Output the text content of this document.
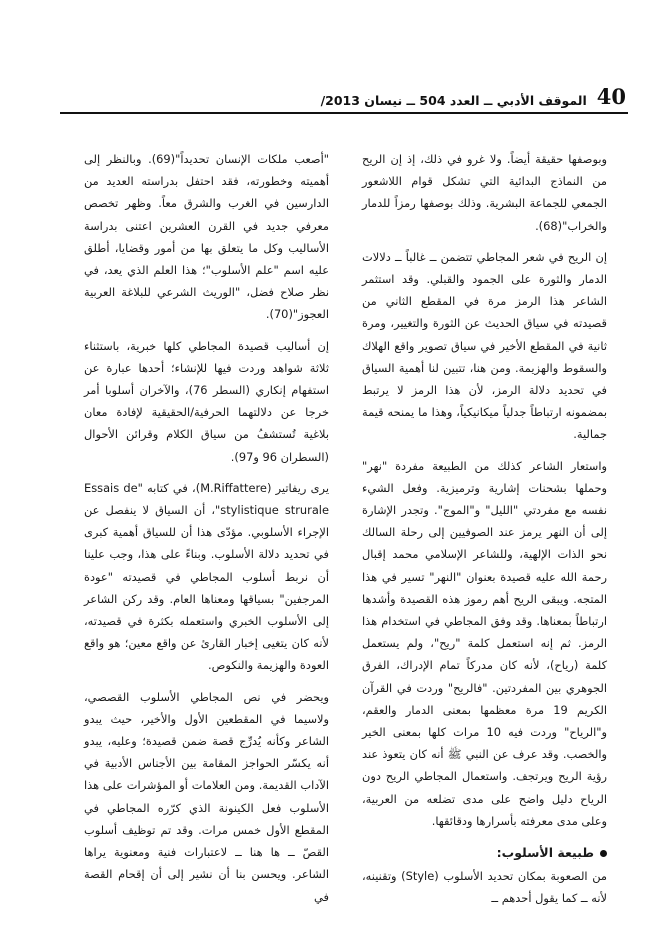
الموقف الأدبي ــ العدد 504 ــ نيسان 2013/ 40

وبوصفها حقيقة أيضاً. ولا غرو في ذلك، إذ إن الريح من النماذج البدائية التي تشكل قوام اللاشعور الجمعي للجماعة البشرية. وذلك بوصفها رمزاً للدمار والخراب"(68).

إن الريح في شعر المجاطي تتضمن ــ غالباً ــ دلالات الدمار والثورة على الجمود والقبلي. وقد استثمر الشاعر هذا الرمز مرة في المقطع الثاني من قصيدته في سياق الحديث عن الثورة والتغيير، ومرة ثانية في المقطع الأخير في سياق تصوير واقع الهلاك والسقوط والهزيمة. ومن هنا، تتبين لنا أهمية السياق في تحديد دلالة الرمز، لأن هذا الرمز لا يرتبط بمضمونه ارتباطاً جدلياً ميكانيكياً، وهذا ما يمنحه قيمة جمالية.

واستعار الشاعر كذلك من الطبيعة مفردة "نهر" وحملها بشحنات إشارية وترميزية. وفعل الشيء نفسه مع مفردتي "الليل" و"الموج". وتجدر الإشارة إلى أن النهر يرمز عند الصوفيين إلى رحلة السالك نحو الذات الإلهية، وللشاعر الإسلامي محمد إقبال رحمة الله عليه قصيدة بعنوان "النهر" تسير في هذا المتجه. ويبقى الريح أهم رموز هذه القصيدة وأشدها ارتباطاً بمعناها. وقد وفق المجاطي في استخدام هذا الرمز. ثم إنه استعمل كلمة "ريح"، ولم يستعمل كلمة (رياح)، لأنه كان مدركاً تمام الإدراك، الفرق الجوهري بين المفردتين. "فالريح" وردت في القرآن الكريم 19 مرة معظمها بمعنى الدمار والعقم، و"الرياح" وردت فيه 10 مرات كلها بمعنى الخير والخصب. وقد عرف عن النبي ﷺ أنه كان يتعوذ عند رؤية الريح ويرتجف. واستعمال المجاطي الريح دون الرياح دليل واضح على مدى تضلعه من العربية، وعلى مدى معرفته بأسرارها ودقائقها.

طبيعة الأسلوب:

من الصعوبة بمكان تحديد الأسلوب (Style) وتقنينه، لأنه ــ كما يقول أحدهم ــ

"أصعب ملكات الإنسان تحديداً"(69). وبالنظر إلى أهميته وخطورته، فقد احتفل بدراسته العديد من الدارسين في الغرب والشرق معاً. وظهر تخصص معرفي جديد في القرن العشرين اعتنى بدراسة الأساليب وكل ما يتعلق بها من أمور وقضايا، أطلق عليه اسم "علم الأسلوب"؛ هذا العلم الذي يعد، في نظر صلاح فضل، "الوريث الشرعي للبلاغة العربية العجوز"(70).

إن أساليب قصيدة المجاطي كلها خبرية، باستثناء ثلاثة شواهد وردت فيها للإنشاء؛ أحدها عبارة عن استفهام إنكاري (السطر 76)، والآخران أسلوبا أمر خرجا عن دلالتهما الحرفية/الحقيقية لإفادة معان بلاغية تُستشفُ من سياق الكلام وقرائن الأحوال (السطران 96 و97).

يرى ريفاتير (M.Riffattere)، في كتابه "Essais de stylistique strurale"، أن السياق لا ينفصل عن الإجراء الأسلوبي. مؤدّى هذا أن للسياق أهمية كبرى في تحديد دلالة الأسلوب. وبناءً على هذا، وجب علينا أن نربط أسلوب المجاطي في قصيدته "عودة المرجفين" بسياقها ومعناها العام. وقد ركن الشاعر إلى الأسلوب الخبري واستعمله بكثرة في قصيدته، لأنه كان يتغيى إخبار القارئ عن واقع معين؛ هو واقع العودة والهزيمة والنكوص.

ويحضر في نص المجاطي الأسلوب القصصي، ولاسيما في المقطعين الأول والأخير، حيث يبدو الشاعر وكأنه يُدرِّج قصة ضمن قصيدة؛ وعليه، يبدو أنه يكسّر الحواجز المقامة بين الأجناس الأدبية في الآداب القديمة. ومن العلامات أو المؤشرات على هذا الأسلوب فعل الكينونة الذي كرّره المجاطي في المقطع الأول خمس مرات. وقد تم توظيف أسلوب القصّ ــ ها هنا ــ لاعتبارات فنية ومعنوية يراها الشاعر. ويحسن بنا أن نشير إلى أن إقحام القصة في
